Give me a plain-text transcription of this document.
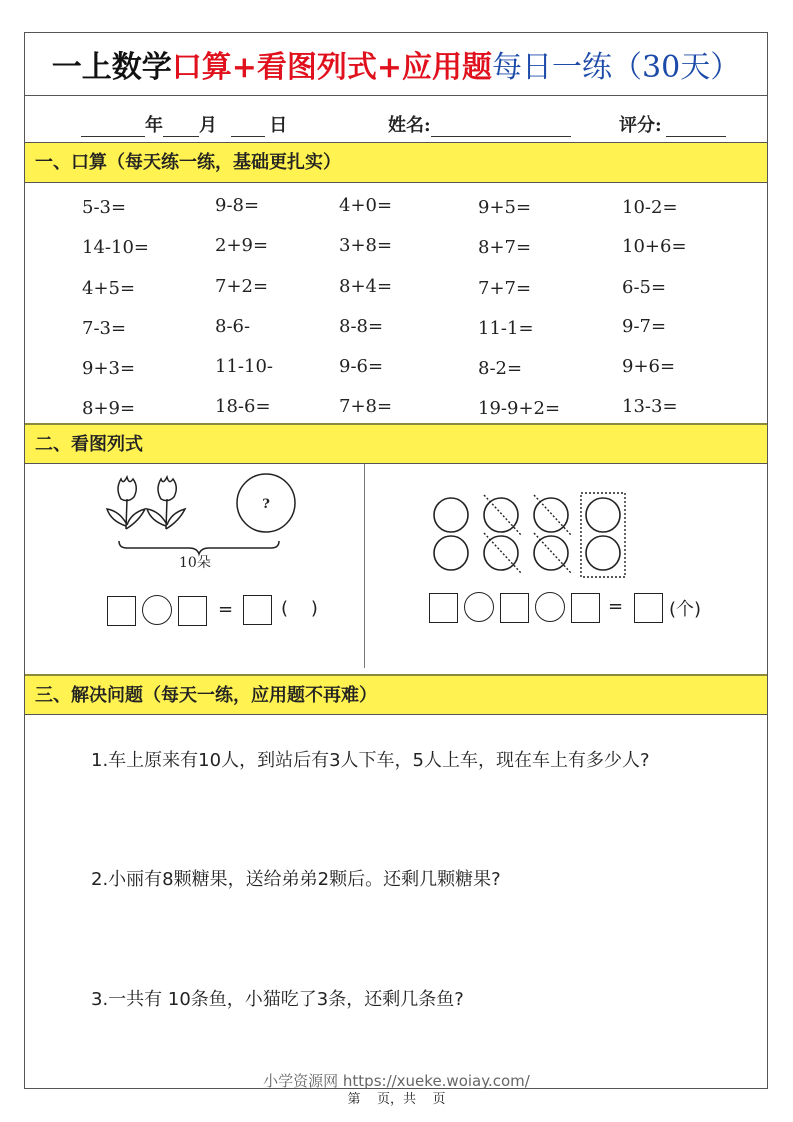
一上数学 口算+看图列式+应用题 每日一练（30天）
年 月	日	姓名:	评分:
一、口算（每天练一练，基础更扎实）
5-3=	9-8=	4+0=	9+5=	10-2=
14-10=	2+9=	3+8=	8+7=	10+6=
4+5=	7+2=	8+4=	7+7=	6-5=
7-3=	8-6-	8-8=	11-1=	9-7=
9+3=	11-10-	9-6=	8-2=	9+6=
8+9=	18-6=	7+8=	19-9+2=	13-3=
二、看图列式
?
10朵
=	(    )	=	(个)
三、解决问题（每天一练，应用题不再难）
1.车上原来有10人，到站后有3人下车，5人上车，现在车上有多少人?
2.小丽有8颗糖果，送给弟弟2颗后。还剩几颗糖果?
3.一共有 10条鱼，小猫吃了3条，还剩几条鱼?
小学资源网 https://xueke.woiay.com/
第    页，共    页
